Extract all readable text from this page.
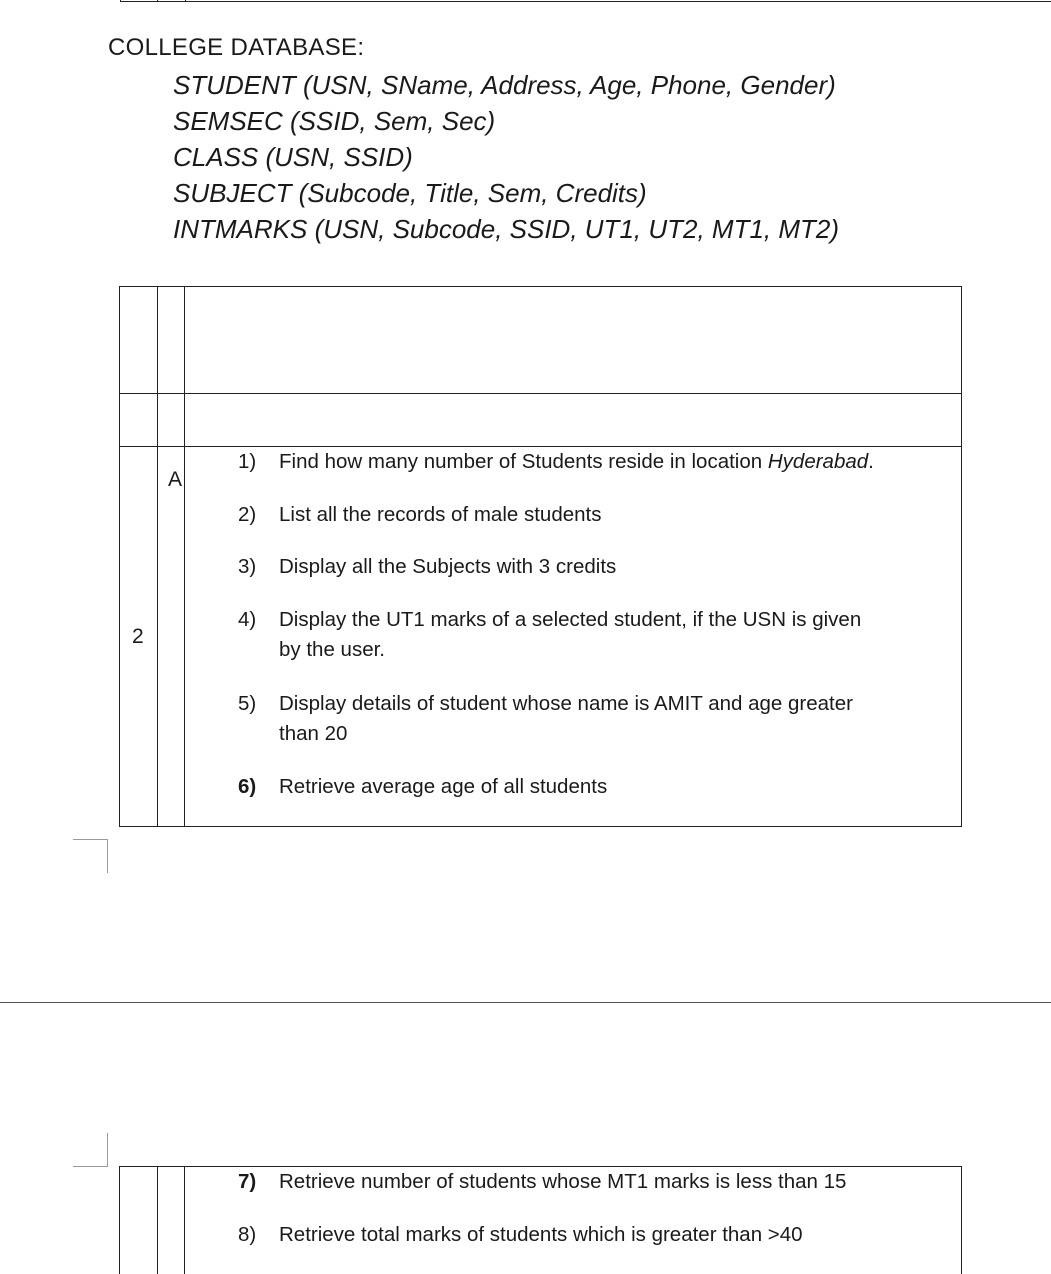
COLLEGE DATABASE:
STUDENT (USN, SName, Address, Age, Phone, Gender)
SEMSEC (SSID, Sem, Sec)
CLASS (USN, SSID)
SUBJECT (Subcode, Title, Sem, Credits)
INTMARKS (USN, Subcode, SSID, UT1, UT2, MT1, MT2)
2
A
1) Find how many number of Students reside in location Hyderabad.
2) List all the records of male students
3) Display all the Subjects with 3 credits
4) Display the UT1 marks of a selected student, if the USN is given
by the user.
5) Display details of student whose name is AMIT and age greater
than 20
6) Retrieve average age of all students
7) Retrieve number of students whose MT1 marks is less than 15
8) Retrieve total marks of students which is greater than >40
